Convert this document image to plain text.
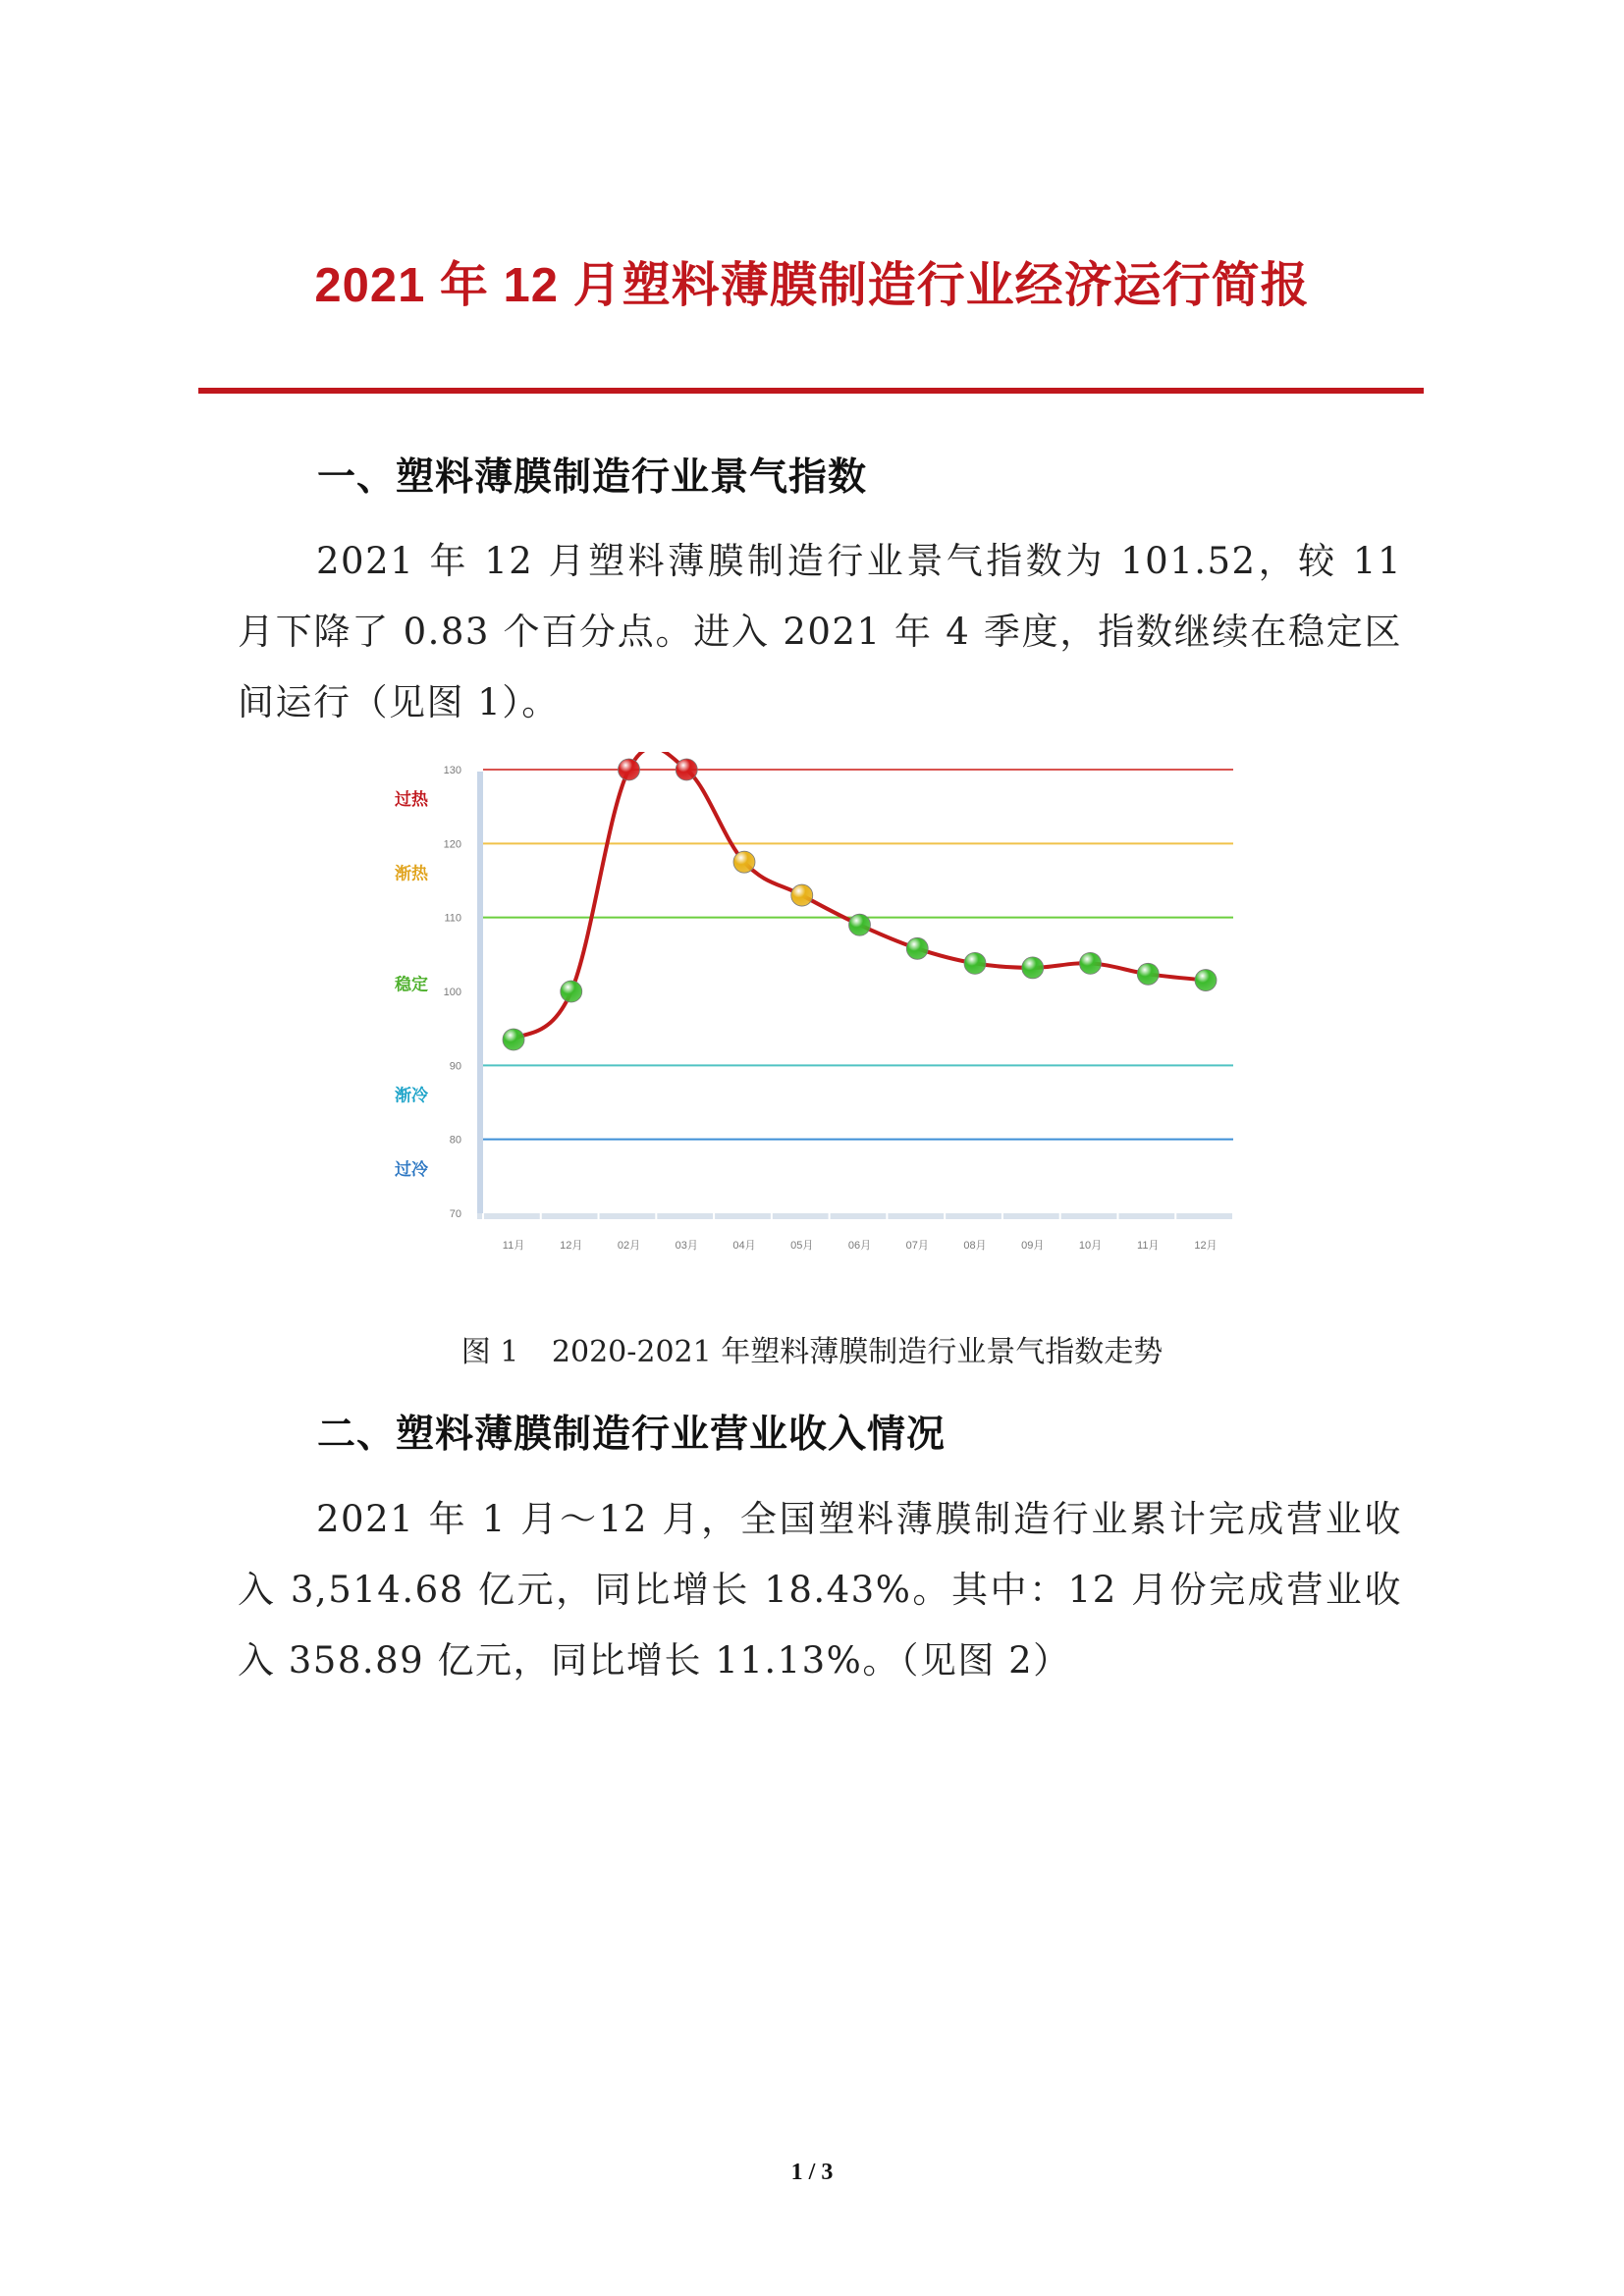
2021 年 12 月塑料薄膜制造行业经济运行简报
一、塑料薄膜制造行业景气指数

2021 年 12 月塑料薄膜制造行业景气指数为 101.52，较 11 月下降了 0.83 个百分点。进入 2021 年 4 季度，指数继续在稳定区间运行（见图 1）。

70
80
90
100
110
120
130
过热
渐热
稳定
渐冷
过冷
11月	12月	02月	03月	04月	05月	06月	07月	08月	09月	10月	11月	12月
图 1 2020-2021 年塑料薄膜制造行业景气指数走势
二、塑料薄膜制造行业营业收入情况

2021 年 1 月～12 月，全国塑料薄膜制造行业累计完成营业收入 3,514.68 亿元，同比增长 18.43%。其中：12 月份完成营业收入 358.89 亿元，同比增长 11.13%。（见图 2）

1 / 3
